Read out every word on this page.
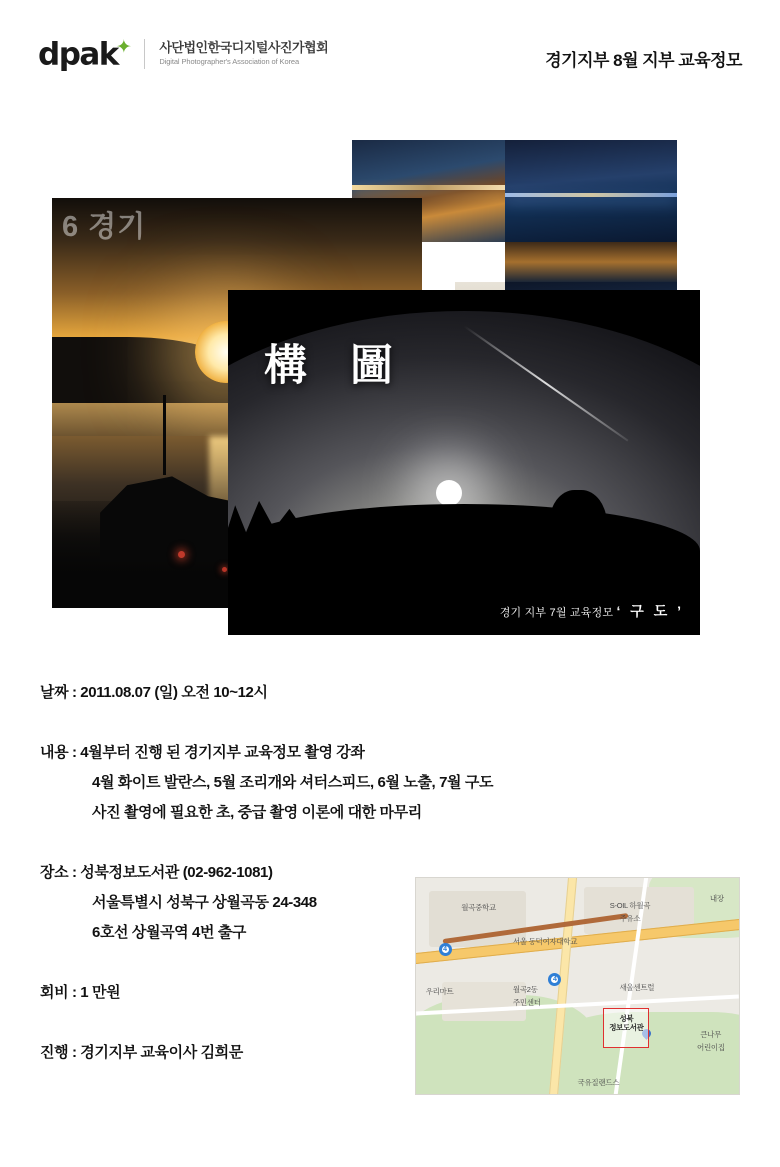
dpak✦ 사단법인한국디지털사진가협회
Digital Photographer's Association of Korea	경기지부 8월 지부 교육정모
6 경기
構 圖
경기 지부 7월 교육정모 ‘ 구 도 ’
날짜 : 2011.08.07 (일) 오전 10~12시
내용 : 4월부터 진행 된 경기지부 교육정모 촬영 강좌
4월 화이트 발란스, 5월 조리개와 셔터스피드, 6월 노출, 7월 구도
사진 촬영에 필요한 초, 중급 촬영 이론에 대한 마무리
장소 : 성북정보도서관 (02-962-1081)
서울특별시 성북구 상월곡동 24-348
6호선 상월곡역 4번 출구
회비 : 1 만원
진행 : 경기지부 교육이사 김희문
4
4
성북
정보도서관
월곡중학교	S-OIL 하월곡
주유소
서울 동덕여자대학교
우리마트	월곡2동
주민센터
새울센트럴
내장
큰나무
어린이집
국유질랜드스
